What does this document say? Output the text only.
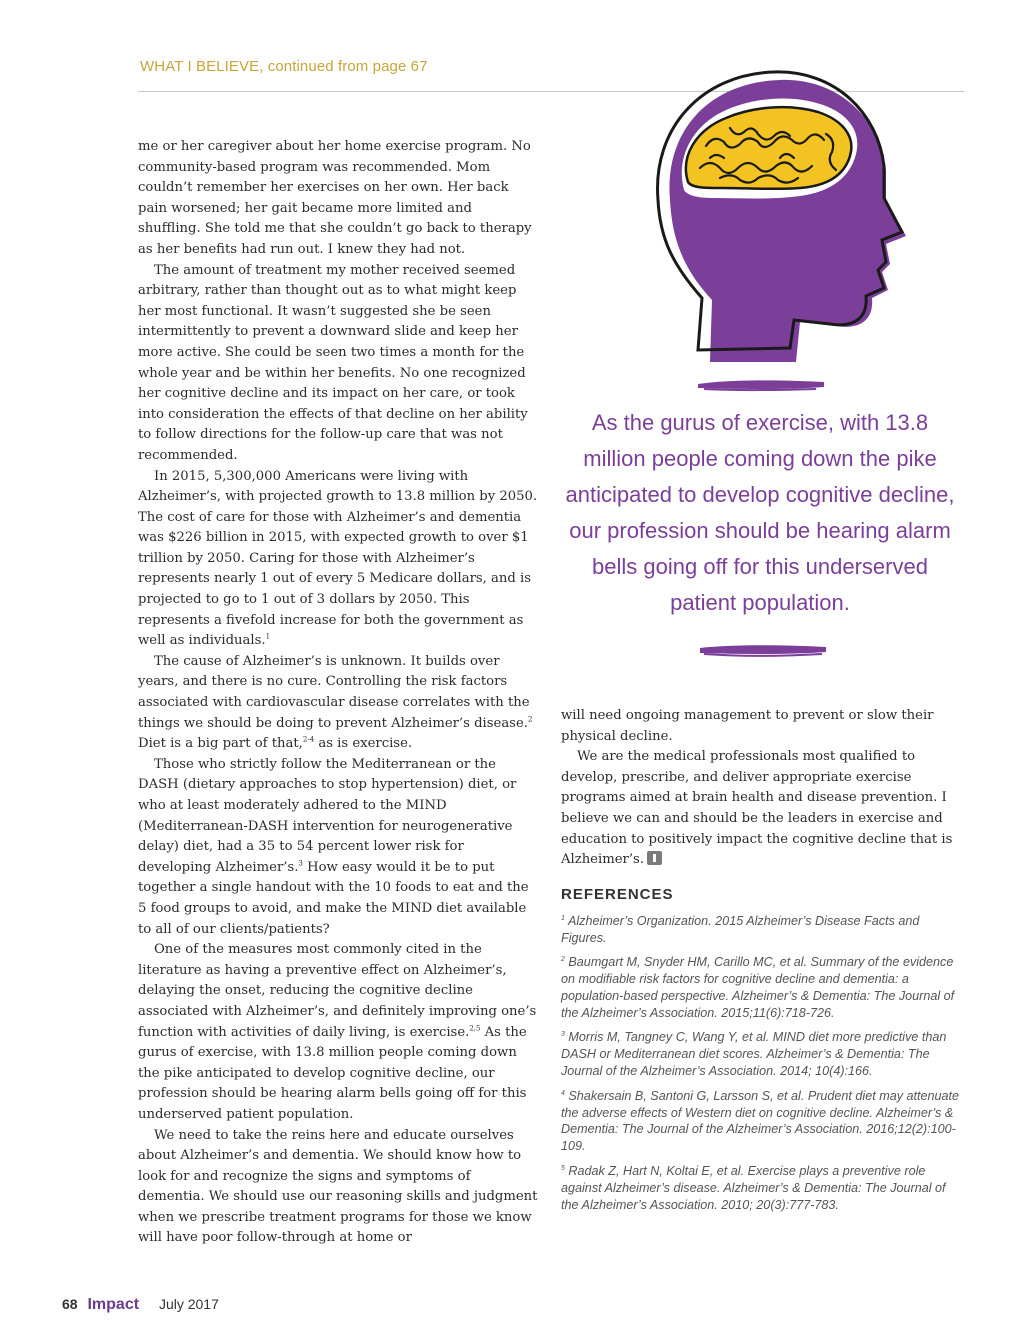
WHAT I BELIEVE, continued from page 67

me or her caregiver about her home exercise program. No community-based program was recommended. Mom couldn’t remember her exercises on her own. Her back pain worsened; her gait became more limited and shuffling. She told me that she couldn’t go back to therapy as her benefits had run out. I knew they had not.

The amount of treatment my mother received seemed arbitrary, rather than thought out as to what might keep her most functional. It wasn’t suggested she be seen intermittently to prevent a downward slide and keep her more active. She could be seen two times a month for the whole year and be within her benefits. No one recognized her cognitive decline and its impact on her care, or took into consideration the effects of that decline on her ability to follow directions for the follow-up care that was not recommended.

In 2015, 5,300,000 Americans were living with Alzheimer’s, with projected growth to 13.8 million by 2050. The cost of care for those with Alzheimer’s and dementia was $226 billion in 2015, with expected growth to over $1 trillion by 2050. Caring for those with Alzheimer’s represents nearly 1 out of every 5 Medicare dollars, and is projected to go to 1 out of 3 dollars by 2050. This represents a fivefold increase for both the government as well as individuals.$^1$

The cause of Alzheimer’s is unknown. It builds over years, and there is no cure. Controlling the risk factors associated with cardiovascular disease correlates with the things we should be doing to prevent Alzheimer’s disease.$^2$ Diet is a big part of that,$^{2-4}$ as is exercise.

Those who strictly follow the Mediterranean or the DASH (dietary approaches to stop hypertension) diet, or who at least moderately adhered to the MIND (Mediterranean-DASH intervention for neurogenerative delay) diet, had a 35 to 54 percent lower risk for developing Alzheimer’s.$^3$ How easy would it be to put together a single handout with the 10 foods to eat and the 5 food groups to avoid, and make the MIND diet available to all of our clients/patients?

One of the measures most commonly cited in the literature as having a preventive effect on Alzheimer’s, delaying the onset, reducing the cognitive decline associated with Alzheimer’s, and definitely improving one’s function with activities of daily living, is exercise.$^{2,5}$ As the gurus of exercise, with 13.8 million people coming down the pike anticipated to develop cognitive decline, our profession should be hearing alarm bells going off for this underserved patient population.

We need to take the reins here and educate ourselves about Alzheimer’s and dementia. We should know how to look for and recognize the signs and symptoms of dementia. We should use our reasoning skills and judgment when we prescribe treatment programs for those we know will have poor follow-through at home or

As the gurus of exercise, with 13.8 million people coming down the pike anticipated to develop cognitive decline, our profession should be hearing alarm bells going off for this underserved patient population.

will need ongoing management to prevent or slow their physical decline.

We are the medical professionals most qualified to develop, prescribe, and deliver appropriate exercise programs aimed at brain health and disease prevention. I believe we can and should be the leaders in exercise and education to positively impact the cognitive decline that is Alzheimer’s.

REFERENCES
$^1$ Alzheimer’s Organization. 2015 Alzheimer’s Disease Facts and Figures.
$^2$ Baumgart M, Snyder HM, Carillo MC, et al. Summary of the evidence on modifiable risk factors for cognitive decline and dementia: a population-based perspective. Alzheimer’s & Dementia: The Journal of the Alzheimer’s Association. 2015;11(6):718-726.
$^3$ Morris M, Tangney C, Wang Y, et al. MIND diet more predictive than DASH or Mediterranean diet scores. Alzheimer’s & Dementia: The Journal of the Alzheimer’s Association. 2014; 10(4):166.
$^4$ Shakersain B, Santoni G, Larsson S, et al. Prudent diet may attenuate the adverse effects of Western diet on cognitive decline. Alzheimer’s & Dementia: The Journal of the Alzheimer’s Association. 2016;12(2):100-109.
$^5$ Radak Z, Hart N, Koltai E, et al. Exercise plays a preventive role against Alzheimer’s disease. Alzheimer’s & Dementia: The Journal of the Alzheimer’s Association. 2010; 20(3):777-783.
68 Impact July 2017
